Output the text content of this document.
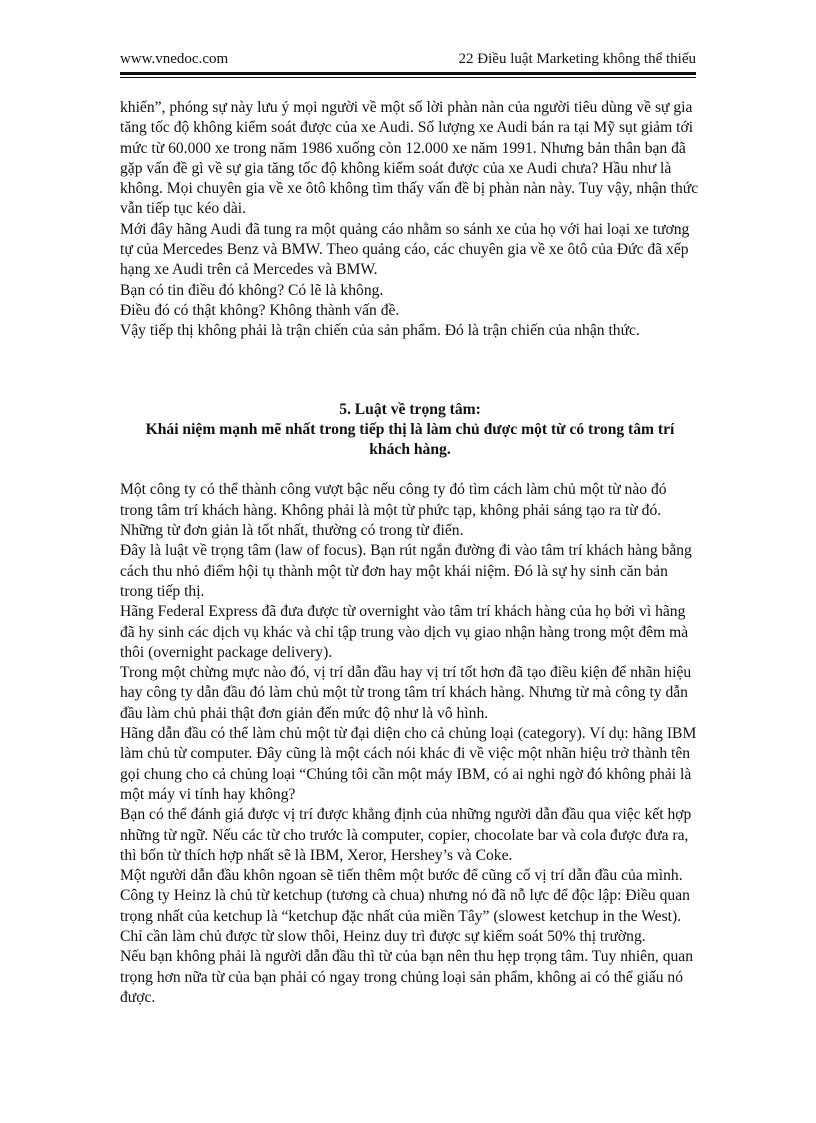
www.vnedoc.com	22 Điều luật Marketing không thể thiếu

khiển”, phóng sự này lưu ý mọi người về một số lời phàn nàn của người tiêu dùng về sự gia tăng tốc độ không kiểm soát được của xe Audi. Số lượng xe Audi bán ra tại Mỹ sụt giảm tới mức từ 60.000 xe trong năm 1986 xuống còn 12.000 xe năm 1991. Nhưng bản thân bạn đã gặp vấn đề gì về sự gia tăng tốc độ không kiểm soát được của xe Audi chưa? Hầu như là không. Mọi chuyên gia về xe ôtô không tìm thấy vấn đề bị phàn nàn này. Tuy vậy, nhận thức vẫn tiếp tục kéo dài.

Mới đây hãng Audi đã tung ra một quảng cáo nhằm so sánh xe của họ với hai loại xe tương tự của Mercedes Benz và BMW. Theo quảng cáo, các chuyên gia về xe ôtô của Đức đã xếp hạng xe Audi trên cả Mercedes và BMW.

Bạn có tin điều đó không? Có lẽ là không.

Điều đó có thật không? Không thành vấn đề.

Vậy tiếp thị không phải là trận chiến của sản phẩm. Đó là trận chiến của nhận thức.

5. Luật về trọng tâm:

Khái niệm mạnh mẽ nhất trong tiếp thị là làm chủ được một từ có trong tâm trí khách hàng.

Một công ty có thể thành công vượt bậc nếu công ty đó tìm cách làm chủ một từ nào đó trong tâm trí khách hàng. Không phải là một từ phức tạp, không phải sáng tạo ra từ đó. Những từ đơn giản là tốt nhất, thường có trong từ điển.

Đây là luật về trọng tâm (law of focus). Bạn rút ngắn đường đi vào tâm trí khách hàng bằng cách thu nhỏ điểm hội tụ thành một từ đơn hay một khái niệm. Đó là sự hy sinh căn bản trong tiếp thị.

Hãng Federal Express đã đưa được từ overnight vào tâm trí khách hàng của họ bởi vì hãng đã hy sinh các dịch vụ khác và chỉ tập trung vào dịch vụ giao nhận hàng trong một đêm mà thôi (overnight package delivery).

Trong một chừng mực nào đó, vị trí dẫn đầu hay vị trí tốt hơn đã tạo điều kiện để nhãn hiệu hay công ty dẫn đầu đó làm chủ một từ trong tâm trí khách hàng. Nhưng từ mà công ty dẫn đầu làm chủ phải thật đơn giản đến mức độ như là vô hình.

Hãng dẫn đầu có thể làm chủ một từ đại diện cho cả chủng loại (category). Ví dụ: hãng IBM làm chủ từ computer. Đây cũng là một cách nói khác đi về việc một nhãn hiệu trở thành tên gọi chung cho cả chủng loại “Chúng tôi cần một máy IBM, có ai nghi ngờ đó không phải là một máy vi tính hay không?

Bạn có thể đánh giá được vị trí được khẳng định của những người dẫn đầu qua việc kết hợp những từ ngữ. Nếu các từ cho trước là computer, copier, chocolate bar và cola được đưa ra, thì bốn từ thích hợp nhất sẽ là IBM, Xeror, Hershey’s và Coke.

Một người dẫn đầu khôn ngoan sẽ tiến thêm một bước để cũng cố vị trí dẫn đầu của mình. Công ty Heinz là chủ từ ketchup (tương cà chua) nhưng nó đã nỗ lực để độc lập: Điều quan trọng nhất của ketchup là “ketchup đặc nhất của miền Tây” (slowest ketchup in the West). Chỉ cần làm chủ được từ slow thôi, Heinz duy trì được sự kiểm soát 50% thị trường.

Nếu bạn không phải là người dẫn đầu thì từ của bạn nên thu hẹp trọng tâm. Tuy nhiên, quan trọng hơn nữa từ của bạn phải có ngay trong chủng loại sản phẩm, không ai có thể giấu nó được.
